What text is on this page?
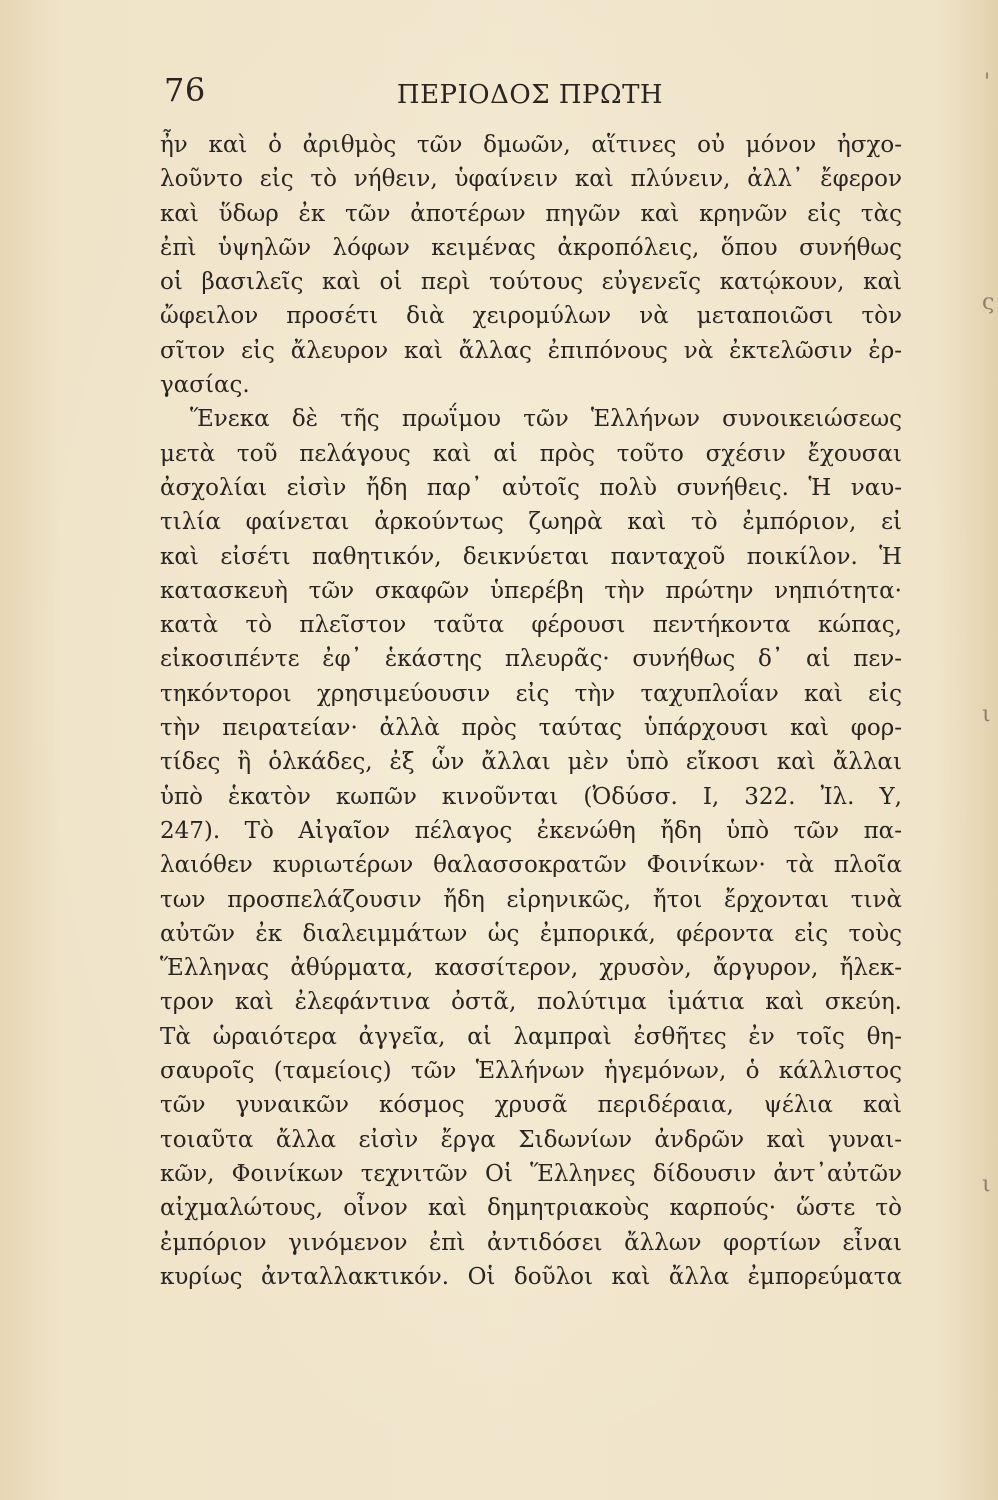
76	ΠΕΡΙΟΔΟΣ ΠΡΩΤΗ
ἦν καὶ ὁ ἀριθμὸς τῶν δμωῶν, αἵτινες οὐ μόνον ἠσχο-
λοῦντο εἰς τὸ νήθειν, ὑφαίνειν καὶ πλύνειν, ἀλλ᾽ ἔφερον
καὶ ὕδωρ ἐκ τῶν ἀποτέρων πηγῶν καὶ κρηνῶν εἰς τὰς
ἐπὶ ὑψηλῶν λόφων κειμένας ἀκροπόλεις, ὅπου συνήθως
οἱ βασιλεῖς καὶ οἱ περὶ τούτους εὐγενεῖς κατῴκουν, καὶ
ὤφειλον προσέτι διὰ χειρομύλων νὰ μεταποιῶσι τὸν
σῖτον εἰς ἄλευρον καὶ ἄλλας ἐπιπόνους νὰ ἐκτελῶσιν ἐρ-
γασίας.
Ἕνεκα δὲ τῆς πρωΐμου τῶν Ἑλλήνων συνοικειώσεως
μετὰ τοῦ πελάγους καὶ αἱ πρὸς τοῦτο σχέσιν ἔχουσαι
ἀσχολίαι εἰσὶν ἤδη παρ᾽ αὐτοῖς πολὺ συνήθεις. Ἡ ναυ-
τιλία φαίνεται ἀρκούντως ζωηρὰ καὶ τὸ ἐμπόριον, εἰ
καὶ εἰσέτι παθητικόν, δεικνύεται πανταχοῦ ποικίλον. Ἡ
κατασκευὴ τῶν σκαφῶν ὑπερέβη τὴν πρώτην νηπιότητα·
κατὰ τὸ πλεῖστον ταῦτα φέρουσι πεντήκοντα κώπας,
εἰκοσιπέντε ἐφ᾽ ἑκάστης πλευρᾶς· συνήθως δ᾽ αἱ πεν-
τηκόντοροι χρησιμεύουσιν εἰς τὴν ταχυπλοΐαν καὶ εἰς
τὴν πειρατείαν· ἀλλὰ πρὸς ταύτας ὑπάρχουσι καὶ φορ-
τίδες ἢ ὁλκάδες, ἐξ ὧν ἄλλαι μὲν ὑπὸ εἴκοσι καὶ ἄλλαι
ὑπὸ ἑκατὸν κωπῶν κινοῦνται (Ὀδύσσ. Ι, 322. Ἰλ. Υ,
247). Τὸ Αἰγαῖον πέλαγος ἐκενώθη ἤδη ὑπὸ τῶν πα-
λαιόθεν κυριωτέρων θαλασσοκρατῶν Φοινίκων· τὰ πλοῖα
των προσπελάζουσιν ἤδη εἰρηνικῶς, ἤτοι ἔρχονται τινὰ
αὐτῶν ἐκ διαλειμμάτων ὡς ἐμπορικά, φέροντα εἰς τοὺς
Ἕλληνας ἀθύρματα, κασσίτερον, χρυσὸν, ἄργυρον, ἤλεκ-
τρον καὶ ἐλεφάντινα ὀστᾶ, πολύτιμα ἱμάτια καὶ σκεύη.
Τὰ ὡραιότερα ἀγγεῖα, αἱ λαμπραὶ ἐσθῆτες ἐν τοῖς θη-
σαυροῖς (ταμείοις) τῶν Ἑλλήνων ἡγεμόνων, ὁ κάλλιστος
τῶν γυναικῶν κόσμος χρυσᾶ περιδέραια, ψέλια καὶ
τοιαῦτα ἄλλα εἰσὶν ἔργα Σιδωνίων ἀνδρῶν καὶ γυναι-
κῶν, Φοινίκων τεχνιτῶν Οἱ Ἕλληνες δίδουσιν ἀντ᾽αὐτῶν
αἰχμαλώτους, οἶνον καὶ δημητριακοὺς καρπούς· ὥστε τὸ
ἐμπόριον γινόμενον ἐπὶ ἀντιδόσει ἄλλων φορτίων εἶναι
κυρίως ἀνταλλακτικόν. Οἱ δοῦλοι καὶ ἄλλα ἐμπορεύματα
'
ς
ι
ι
